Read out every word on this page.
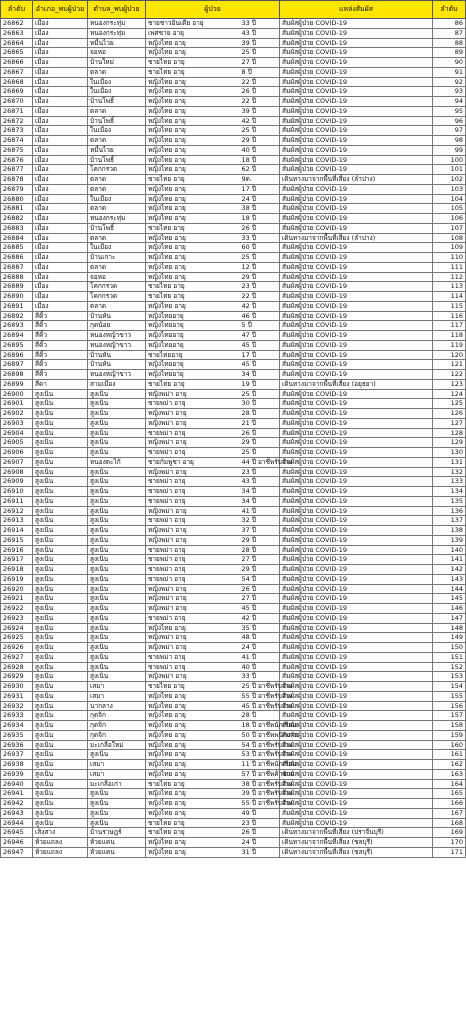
ลำดับ	อำเภอ_พบผู้ป่วย	ตำบล_พบผู้ป่วย	ผู้ป่วย		แหล่งสัมผัส	ลำดับ
26862	เมือง	หนองกระทุ่ม	ชายชาวอินเดีย อายุ	33 ปี	สัมผัสผู้ป่วย COVID-19	86
26863	เมือง	หนองกระทุ่ม	เพศชาย อายุ	43 ปี	สัมผัสผู้ป่วย COVID-19	87
26864	เมือง	หมื่นไวย	หญิงไทย อายุ	39 ปี	สัมผัสผู้ป่วย COVID-19	88
26865	เมือง	จอหอ	หญิงไทย อายุ	25 ปี	สัมผัสผู้ป่วย COVID-19	89
26866	เมือง	บ้านใหม่	ชายไทย อายุ	27 ปี	สัมผัสผู้ป่วย COVID-19	90
26867	เมือง	ตลาด	ชายไทย อายุ	8 ปี	สัมผัสผู้ป่วย COVID-19	91
26868	เมือง	ในเมือง	หญิงไทย อายุ	22 ปี	สัมผัสผู้ป่วย COVID-19	92
26869	เมือง	ในเมือง	หญิงไทย อายุ	26 ปี	สัมผัสผู้ป่วย COVID-19	93
26870	เมือง	บ้านโพธิ์	หญิงไทย อายุ	22 ปี	สัมผัสผู้ป่วย COVID-19	94
26871	เมือง	ตลาด	หญิงไทย อายุ	39 ปี	สัมผัสผู้ป่วย COVID-19	95
26872	เมือง	บ้านโพธิ์	หญิงไทย อายุ	42 ปี	สัมผัสผู้ป่วย COVID-19	96
26873	เมือง	ในเมือง	หญิงไทย อายุ	25 ปี	สัมผัสผู้ป่วย COVID-19	97
26874	เมือง	ตลาด	หญิงไทย อายุ	29 ปี	สัมผัสผู้ป่วย COVID-19	98
26875	เมือง	หมื่นไวย	หญิงไทย อายุ	40 ปี	สัมผัสผู้ป่วย COVID-19	99
26876	เมือง	บ้านโพธิ์	หญิงไทย อายุ	18 ปี	สัมผัสผู้ป่วย COVID-19	100
26877	เมือง	โคกกรวด	หญิงไทย อายุ	62 ปี	สัมผัสผู้ป่วย COVID-19	101
26878	เมือง	ตลาด	ชายไทย อายุ	9ด.	เดินทางมาจากพื้นที่เสี่ยง (ลำปาง)	102
26879	เมือง	ตลาด	หญิงไทย อายุ	17 ปี	สัมผัสผู้ป่วย COVID-19	103
26880	เมือง	ในเมือง	หญิงไทย อายุ	24 ปี	สัมผัสผู้ป่วย COVID-19	104
26881	เมือง	ตลาด	หญิงไทย อายุ	38 ปี	สัมผัสผู้ป่วย COVID-19	105
26882	เมือง	หนองกระทุ่ม	หญิงไทย อายุ	18 ปี	สัมผัสผู้ป่วย COVID-19	106
26883	เมือง	บ้านโพธิ์	ชายไทย อายุ	26 ปี	สัมผัสผู้ป่วย COVID-19	107
26884	เมือง	ตลาด	หญิงไทย อายุ	33 ปี	เดินทางมาจากพื้นที่เสี่ยง (ลำปาง)	108
26885	เมือง	ในเมือง	หญิงไทย อายุ	60 ปี	สัมผัสผู้ป่วย COVID-19	109
26886	เมือง	บ้านเกาะ	หญิงไทย อายุ	25 ปี	สัมผัสผู้ป่วย COVID-19	110
26887	เมือง	ตลาด	หญิงไทย อายุ	12 ปี	สัมผัสผู้ป่วย COVID-19	111
26888	เมือง	จอหอ	หญิงไทย อายุ	29 ปี	สัมผัสผู้ป่วย COVID-19	112
26889	เมือง	โคกกรวด	ชายไทย อายุ	23 ปี	สัมผัสผู้ป่วย COVID-19	113
26890	เมือง	โคกกรวด	ชายไทย อายุ	22 ปี	สัมผัสผู้ป่วย COVID-19	114
26891	เมือง	ตลาด	หญิงไทย อายุ	42 ปี	สัมผัสผู้ป่วย COVID-19	115
26892	สีคิ้ว	บ้านหัน	หญิงไทยอายุ	46 ปี	สัมผัสผู้ป่วย COVID-19	116
26893	สีคิ้ว	กุดน้อย	หญิงไทยอายุ	5 ปี	สัมผัสผู้ป่วย COVID-19	117
26894	สีคิ้ว	หนองหญ้าขาว	หญิงไทยอายุ	47 ปี	สัมผัสผู้ป่วย COVID-19	118
26895	สีคิ้ว	หนองหญ้าขาว	หญิงไทยอายุ	45 ปี	สัมผัสผู้ป่วย COVID-19	119
26896	สีคิ้ว	บ้านหัน	ชายไทยอายุ	17 ปี	สัมผัสผู้ป่วย COVID-19	120
26897	สีคิ้ว	บ้านหัน	หญิงไทยอายุ	45 ปี	สัมผัสผู้ป่วย COVID-19	121
26898	สีคิ้ว	หนองหญ้าขาว	หญิงไทยอายุ	34 ปี	สัมผัสผู้ป่วย COVID-19	122
26899	สีดา	สามเมือง	ชายไทย อายุ	19 ปี	เดินทางมาจากพื้นที่เสี่ยง (อยุธยา)	123
26900	สูงเนิน	สูงเนิน	หญิงพม่า อายุ	25 ปี	สัมผัสผู้ป่วย COVID-19	124
26901	สูงเนิน	สูงเนิน	ชายพม่า อายุ	30 ปี	สัมผัสผู้ป่วย COVID-19	125
26902	สูงเนิน	สูงเนิน	หญิงพม่า อายุ	28 ปี	สัมผัสผู้ป่วย COVID-19	126
26903	สูงเนิน	สูงเนิน	หญิงพม่า อายุ	21 ปี	สัมผัสผู้ป่วย COVID-19	127
26904	สูงเนิน	สูงเนิน	ชายพม่า อายุ	26 ปี	สัมผัสผู้ป่วย COVID-19	128
26905	สูงเนิน	สูงเนิน	หญิงพม่า อายุ	29 ปี	สัมผัสผู้ป่วย COVID-19	129
26906	สูงเนิน	สูงเนิน	ชายพม่า อายุ	25 ปี	สัมผัสผู้ป่วย COVID-19	130
26907	สูงเนิน	หนองตะไก้	ชายกัมพูชา อายุ	44 ปี อาชีพรับจ้าง	สัมผัสผู้ป่วย COVID-19	131
26908	สูงเนิน	สูงเนิน	หญิงพม่า อายุ	23 ปี	สัมผัสผู้ป่วย COVID-19	132
26909	สูงเนิน	สูงเนิน	ชายพม่า อายุ	43 ปี	สัมผัสผู้ป่วย COVID-19	133
26910	สูงเนิน	สูงเนิน	ชายพม่า อายุ	34 ปี	สัมผัสผู้ป่วย COVID-19	134
26911	สูงเนิน	สูงเนิน	ชายพม่า อายุ	34 ปี	สัมผัสผู้ป่วย COVID-19	135
26912	สูงเนิน	สูงเนิน	หญิงพม่า อายุ	41 ปี	สัมผัสผู้ป่วย COVID-19	136
26913	สูงเนิน	สูงเนิน	ชายพม่า อายุ	32 ปี	สัมผัสผู้ป่วย COVID-19	137
26914	สูงเนิน	สูงเนิน	หญิงพม่า อายุ	37 ปี	สัมผัสผู้ป่วย COVID-19	138
26915	สูงเนิน	สูงเนิน	หญิงพม่า อายุ	29 ปี	สัมผัสผู้ป่วย COVID-19	139
26916	สูงเนิน	สูงเนิน	ชายพม่า อายุ	28 ปี	สัมผัสผู้ป่วย COVID-19	140
26917	สูงเนิน	สูงเนิน	ชายพม่า อายุ	27 ปี	สัมผัสผู้ป่วย COVID-19	141
26918	สูงเนิน	สูงเนิน	ชายพม่า อายุ	29 ปี	สัมผัสผู้ป่วย COVID-19	142
26919	สูงเนิน	สูงเนิน	ชายพม่า อายุ	54 ปี	สัมผัสผู้ป่วย COVID-19	143
26920	สูงเนิน	สูงเนิน	หญิงพม่า อายุ	26 ปี	สัมผัสผู้ป่วย COVID-19	144
26921	สูงเนิน	สูงเนิน	หญิงพม่า อายุ	27 ปี	สัมผัสผู้ป่วย COVID-19	145
26922	สูงเนิน	สูงเนิน	หญิงพม่า อายุ	45 ปี	สัมผัสผู้ป่วย COVID-19	146
26923	สูงเนิน	สูงเนิน	ชายพม่า อายุ	42 ปี	สัมผัสผู้ป่วย COVID-19	147
26924	สูงเนิน	สูงเนิน	หญิงไทย อายุ	35 ปี	สัมผัสผู้ป่วย COVID-19	148
26925	สูงเนิน	สูงเนิน	หญิงพม่า อายุ	48 ปี	สัมผัสผู้ป่วย COVID-19	149
26926	สูงเนิน	สูงเนิน	หญิงพม่า อายุ	24 ปี	สัมผัสผู้ป่วย COVID-19	150
26927	สูงเนิน	สูงเนิน	ชายพม่า อายุ	41 ปี	สัมผัสผู้ป่วย COVID-19	151
26928	สูงเนิน	สูงเนิน	ชายพม่า อายุ	40 ปี	สัมผัสผู้ป่วย COVID-19	152
26929	สูงเนิน	สูงเนิน	หญิงพม่า อายุ	33 ปี	สัมผัสผู้ป่วย COVID-19	153
26930	สูงเนิน	เสมา	ชายไทย อายุ	25 ปี อาชีพรับจ้าง	สัมผัสผู้ป่วย COVID-19	154
26931	สูงเนิน	เสมา	หญิงไทย อายุ	55 ปี อาชีพรับจ้าง	สัมผัสผู้ป่วย COVID-19	155
26932	สูงเนิน	นากลาง	หญิงไทย อายุ	45 ปี อาชีพรับจ้าง	สัมผัสผู้ป่วย COVID-19	156
26933	สูงเนิน	กุดจิก	หญิงไทย อายุ	28 ปี	สัมผัสผู้ป่วย COVID-19	157
26934	สูงเนิน	กุดจิก	หญิงไทย อายุ	18 ปี อาชีพนักเรียน	สัมผัสผู้ป่วย COVID-19	158
26935	สูงเนิน	กุดจิก	หญิงไทย อายุ	50 ปี อาชีพพนักงาน	สัมผัสผู้ป่วย COVID-19	159
26936	สูงเนิน	มะเกลือใหม่	หญิงไทย อายุ	54 ปี อาชีพรับจ้าง	สัมผัสผู้ป่วย COVID-19	160
26937	สูงเนิน	สูงเนิน	หญิงไทย อายุ	53 ปี อาชีพรับจ้าง	สัมผัสผู้ป่วย COVID-19	161
26938	สูงเนิน	เสมา	หญิงไทย อายุ	11 ปี อาชีพนักเรียน	สัมผัสผู้ป่วย COVID-19	162
26939	สูงเนิน	เสมา	หญิงไทย อายุ	57 ปี อาชีพค้าขาย	สัมผัสผู้ป่วย COVID-19	163
26940	สูงเนิน	มะเกลือเก่า	ชายไทย อายุ	38 ปี อาชีพรับจ้าง	สัมผัสผู้ป่วย COVID-19	164
26941	สูงเนิน	สูงเนิน	หญิงไทย อายุ	39 ปี อาชีพรับจ้าง	สัมผัสผู้ป่วย COVID-19	165
26942	สูงเนิน	สูงเนิน	หญิงไทย อายุ	55 ปี อาชีพรับจ้าง	สัมผัสผู้ป่วย COVID-19	166
26943	สูงเนิน	สูงเนิน	หญิงไทย อายุ	49 ปี	สัมผัสผู้ป่วย COVID-19	167
26944	สูงเนิน	สูงเนิน	ชายไทย อายุ	23 ปี	สัมผัสผู้ป่วย COVID-19	168
26945	เสิงสาง	บ้านราษฎร์	ชายไทย อายุ	26 ปี	เดินทางมาจากพื้นที่เสี่ยง (ปราจีนบุรี)	169
26946	ห้วยแถลง	ห้วยแคน	หญิงไทย อายุ	24 ปี	เดินทางมาจากพื้นที่เสี่ยง (ชลบุรี)	170
26947	ห้วยแถลง	ห้วยแคน	หญิงไทย อายุ	31 ปี	เดินทางมาจากพื้นที่เสี่ยง (ชลบุรี)	171
